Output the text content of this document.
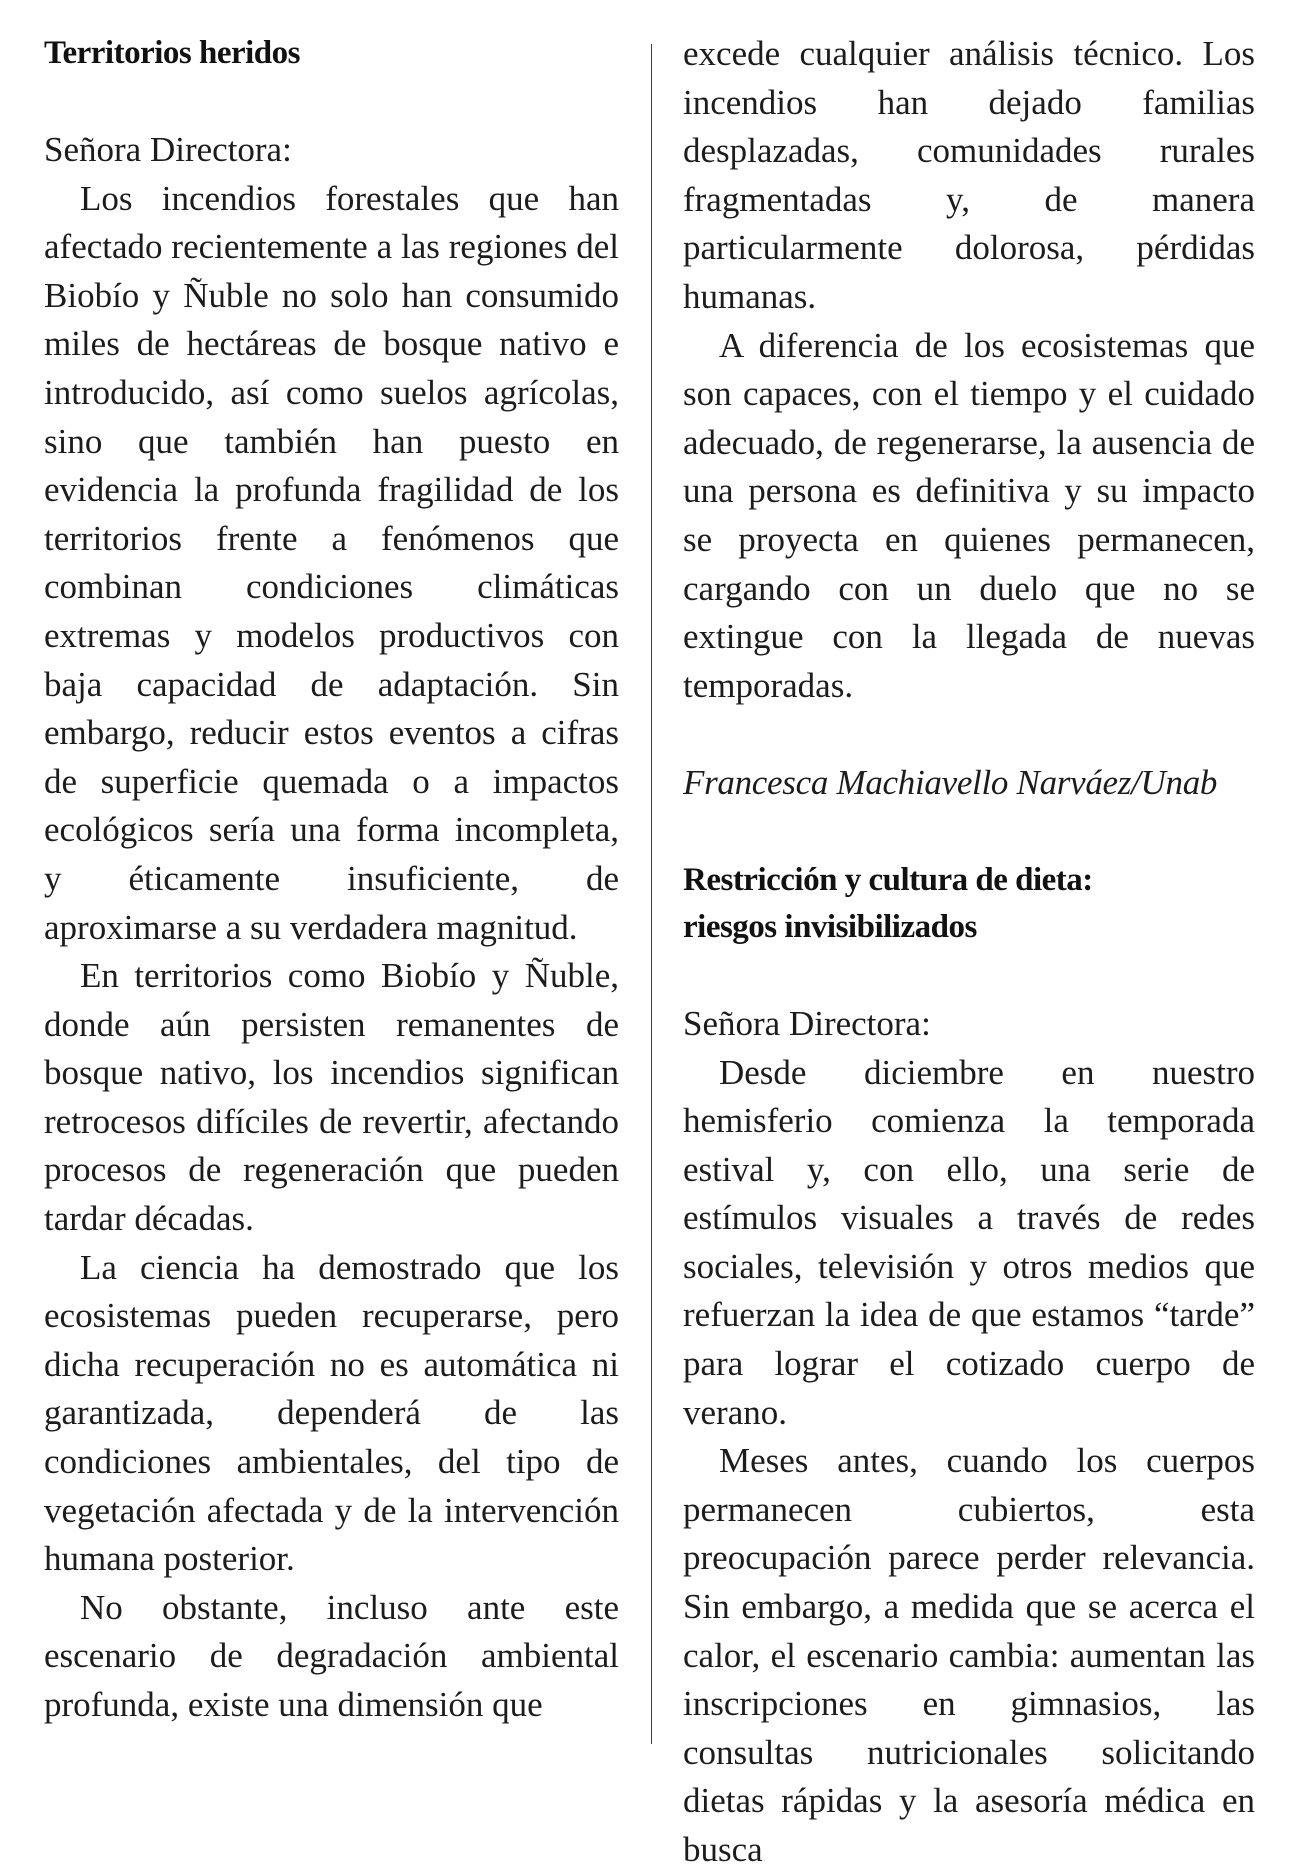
Territorios heridos

Señora Directora:

Los incendios forestales que han afectado recientemente a las regiones del Biobío y Ñuble no solo han consumido miles de hectáreas de bosque nativo e introducido, así como suelos agrícolas, sino que también han puesto en evidencia la profunda fragilidad de los territorios frente a fenómenos que combinan condiciones climáticas extremas y modelos productivos con baja capacidad de adaptación. Sin embargo, reducir estos eventos a cifras de superficie quemada o a impactos ecológicos sería una forma incompleta, y éticamente insuficiente, de aproximarse a su verdadera magnitud.

En territorios como Biobío y Ñuble, donde aún persisten remanentes de bosque nativo, los incendios significan retrocesos difíciles de revertir, afectando procesos de regeneración que pueden tardar décadas.

La ciencia ha demostrado que los ecosistemas pueden recuperarse, pero dicha recuperación no es automática ni garantizada, dependerá de las condiciones ambientales, del tipo de vegetación afectada y de la intervención humana posterior.

No obstante, incluso ante este escenario de degradación ambiental profunda, existe una dimensión que

excede cualquier análisis técnico. Los incendios han dejado familias desplazadas, comunidades rurales fragmentadas y, de manera particularmente dolorosa, pérdidas humanas.

A diferencia de los ecosistemas que son capaces, con el tiempo y el cuidado adecuado, de regenerarse, la ausencia de una persona es definitiva y su impacto se proyecta en quienes permanecen, cargando con un duelo que no se extingue con la llegada de nuevas temporadas.

Francesca Machiavello Narváez/Unab

Restricción y cultura de dieta: riesgos invisibilizados

Señora Directora:

Desde diciembre en nuestro hemisferio comienza la temporada estival y, con ello, una serie de estímulos visuales a través de redes sociales, televisión y otros medios que refuerzan la idea de que estamos “tarde” para lograr el cotizado cuerpo de verano.

Meses antes, cuando los cuerpos permanecen cubiertos, esta preocupación parece perder relevancia. Sin embargo, a medida que se acerca el calor, el escenario cambia: aumentan las inscripciones en gimnasios, las consultas nutricionales solicitando dietas rápidas y la asesoría médica en busca
